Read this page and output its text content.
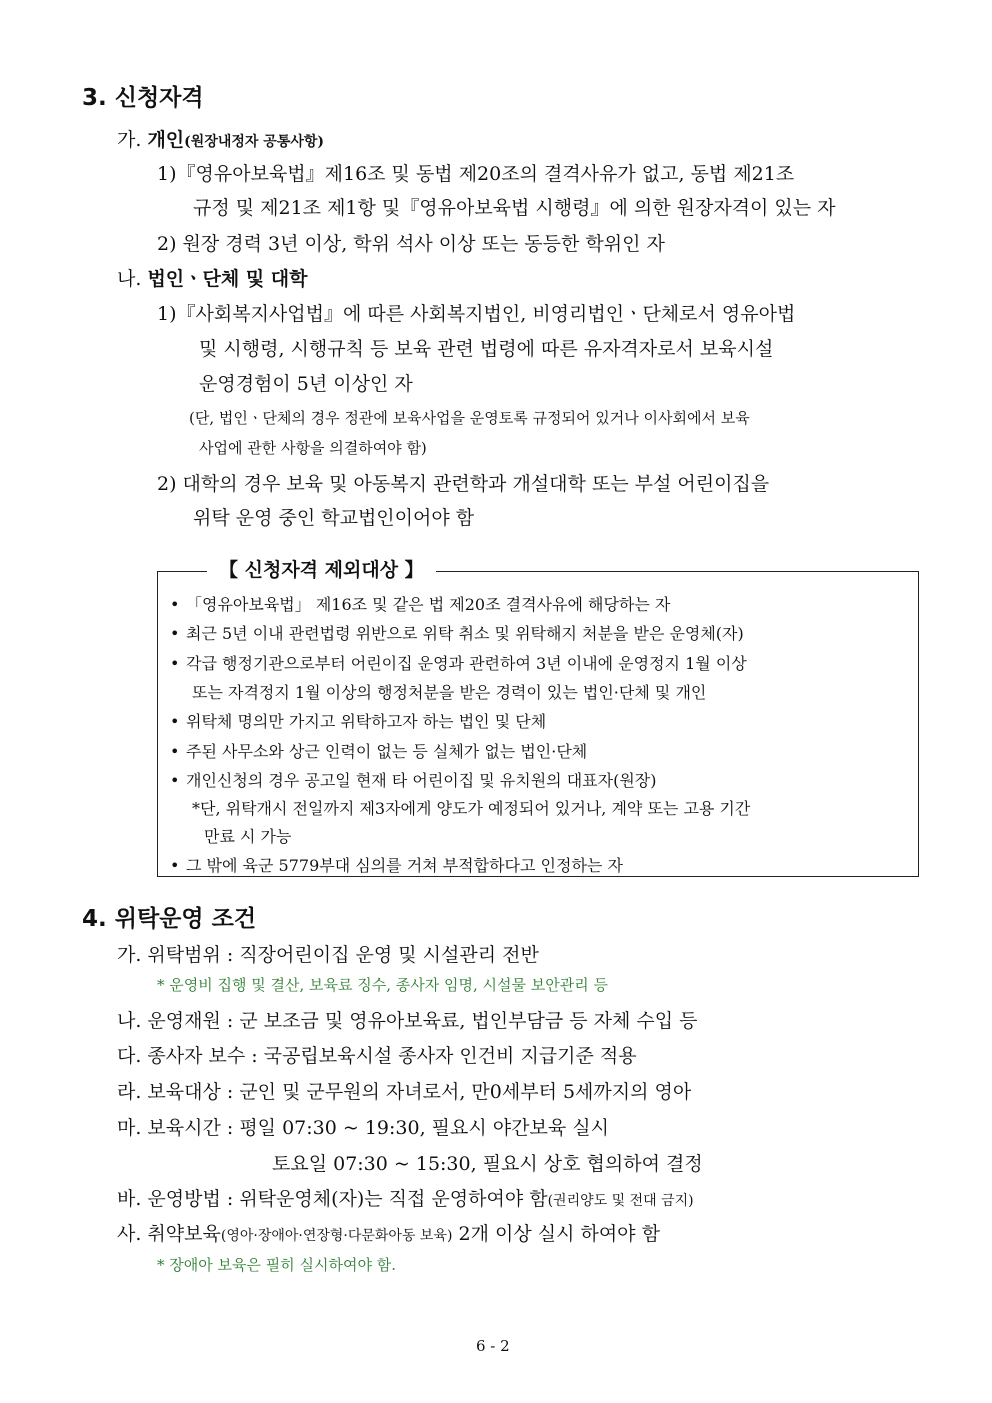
3. 신청자격
가. 개인(원장내정자 공통사항)
1)『영유아보육법』제16조 및 동법 제20조의 결격사유가 없고, 동법 제21조
규정 및 제21조 제1항 및『영유아보육법 시행령』에 의한 원장자격이 있는 자
2) 원장 경력 3년 이상, 학위 석사 이상 또는 동등한 학위인 자
나. 법인ㆍ단체 및 대학
1)『사회복지사업법』에 따른 사회복지법인, 비영리법인ㆍ단체로서 영유아법
및 시행령, 시행규칙 등 보육 관련 법령에 따른 유자격자로서 보육시설
운영경험이 5년 이상인 자
(단, 법인ㆍ단체의 경우 정관에 보육사업을 운영토록 규정되어 있거나 이사회에서 보육
사업에 관한 사항을 의결하여야 함)
2) 대학의 경우 보육 및 아동복지 관련학과 개설대학 또는 부설 어린이집을
위탁 운영 중인 학교법인이어야 함
【 신청자격 제외대상 】
• 「영유아보육법」 제16조 및 같은 법 제20조 결격사유에 해당하는 자
• 최근 5년 이내 관련법령 위반으로 위탁 취소 및 위탁해지 처분을 받은 운영체(자)
• 각급 행정기관으로부터 어린이집 운영과 관련하여 3년 이내에 운영정지 1월 이상
또는 자격정지 1월 이상의 행정처분을 받은 경력이 있는 법인·단체 및 개인
• 위탁체 명의만 가지고 위탁하고자 하는 법인 및 단체
• 주된 사무소와 상근 인력이 없는 등 실체가 없는 법인·단체
• 개인신청의 경우 공고일 현재 타 어린이집 및 유치원의 대표자(원장)
*단, 위탁개시 전일까지 제3자에게 양도가 예정되어 있거나, 계약 또는 고용 기간
만료 시 가능
• 그 밖에 육군 5779부대 심의를 거쳐 부적합하다고 인정하는 자
4. 위탁운영 조건
가. 위탁범위 : 직장어린이집 운영 및 시설관리 전반
* 운영비 집행 및 결산, 보육료 징수, 종사자 임명, 시설물 보안관리 등
나. 운영재원 : 군 보조금 및 영유아보육료, 법인부담금 등 자체 수입 등
다. 종사자 보수 : 국공립보육시설 종사자 인건비 지급기준 적용
라. 보육대상 : 군인 및 군무원의 자녀로서, 만0세부터 5세까지의 영아
마. 보육시간 : 평일 07:30 ~ 19:30, 필요시 야간보육 실시
토요일 07:30 ~ 15:30, 필요시 상호 협의하여 결정
바. 운영방법 : 위탁운영체(자)는 직접 운영하여야 함(권리양도 및 전대 금지)
사. 취약보육(영아·장애아·연장형·다문화아동 보육) 2개 이상 실시 하여야 함
* 장애아 보육은 필히 실시하여야 함.
6 - 2
